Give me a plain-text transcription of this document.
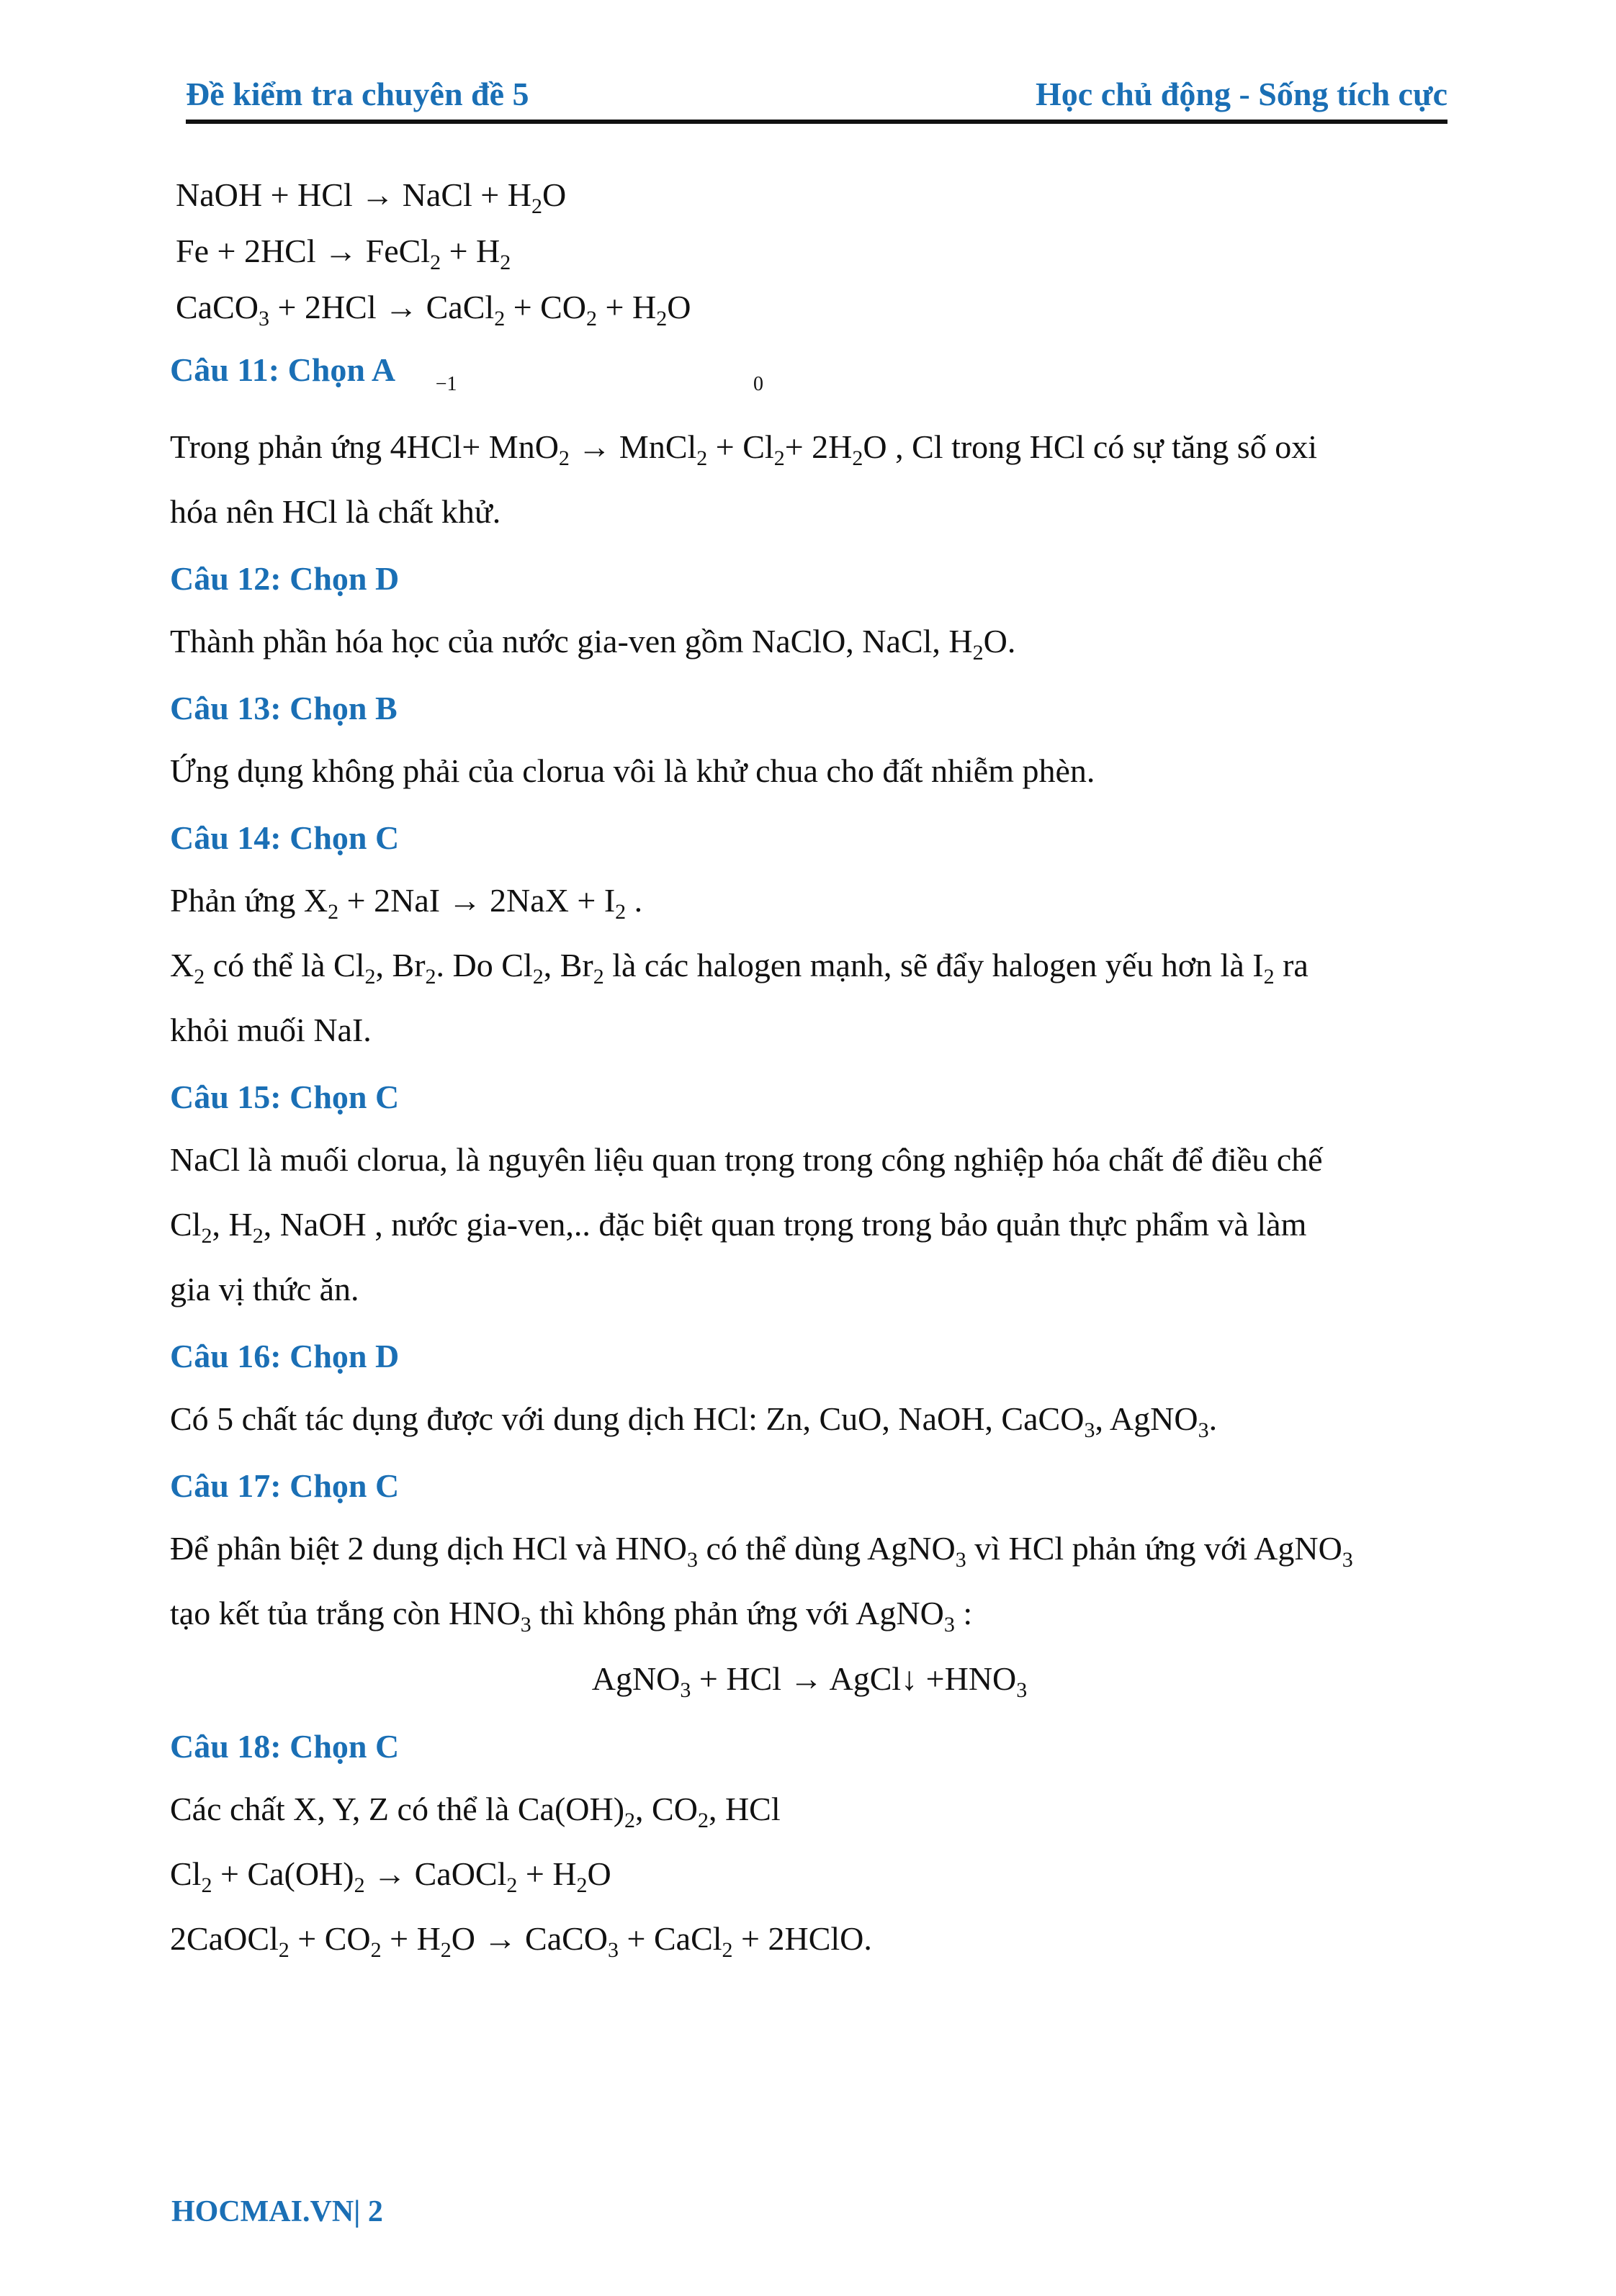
Đề kiểm tra chuyên đề 5	Học chủ động - Sống tích cực
NaOH + HCl → NaCl + $H_2O$
Fe + 2HCl → FeCl$_2$ + $H_2$
CaCO$_3$ + 2HCl → CaCl$_2$ + $CO_2 + H_2O$
Câu 11: Chọn A
Trong phản ứng 4H
−1
Cl+ MnO$_2$ → MnCl$_2$ +
0
$Cl_2+ 2H_2O$ , Cl trong HCl có sự tăng số oxi
hóa nên HCl là chất khử.
Câu 12: Chọn D
Thành phần hóa học của nước gia-ven gồm NaClO, NaCl, $H_2O$.
Câu 13: Chọn B
Ứng dụng không phải của clorua vôi là khử chua cho đất nhiễm phèn.
Câu 14: Chọn C
Phản ứng $X_2 + 2NaI \to 2NaX + I_2$ .
$X_2$ có thể là $Cl_2$, $Br_2$. Do $Cl_2$, $Br_2$ là các halogen mạnh, sẽ đẩy halogen yếu hơn là $I_2$ ra
khỏi muối NaI.
Câu 15: Chọn C
NaCl là muối clorua, là nguyên liệu quan trọng trong công nghiệp hóa chất để điều chế
$Cl_2$, $H_2$, NaOH , nước gia-ven,.. đặc biệt quan trọng trong bảo quản thực phẩm và làm
gia vị thức ăn.
Câu 16: Chọn D
Có 5 chất tác dụng được với dung dịch HCl: Zn, CuO, NaOH, CaCO$_3$, AgNO$_3$.
Câu 17: Chọn C
Để phân biệt 2 dung dịch HCl và $HNO_3$ có thể dùng AgNO$_3$ vì HCl phản ứng với AgNO$_3$
tạo kết tủa trắng còn $HNO_3$ thì không phản ứng với AgNO$_3$ :
AgNO$_3$ + HCl → AgCl↓ $+HNO_3$
Câu 18: Chọn C
Các chất X, Y, Z có thể là $Ca(OH)_2$, $CO_2$, HCl
$Cl_2 + Ca(OH)_2$ → CaOCl$_2$ + $H_2O$
2CaOCl$_2$ + $CO_2 + H_2O$ → CaCO$_3$ + CaCl$_2$ + 2HClO.
HOCMAI.VN| 2
